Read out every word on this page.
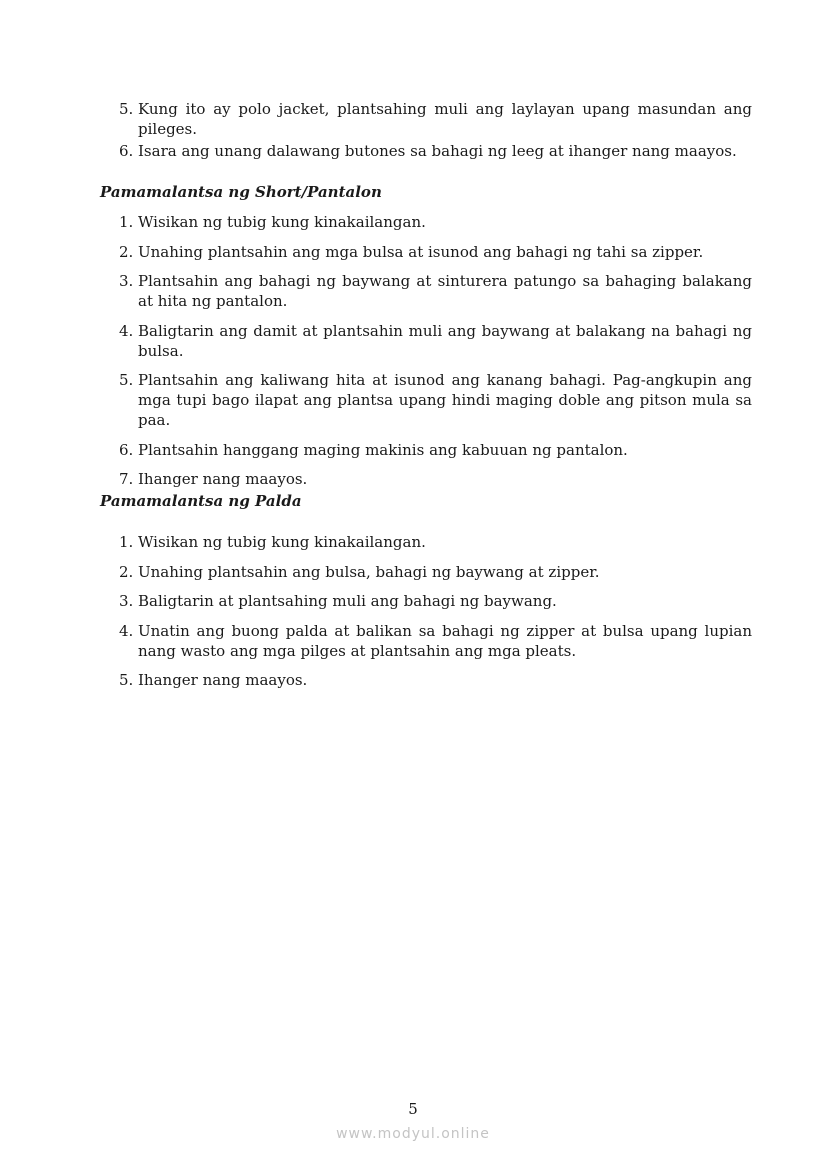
5. Kung ito ay polo jacket, plantsahing muli ang laylayan upang masundan ang pileges.
6. Isara ang unang dalawang butones sa bahagi ng leeg at ihanger nang maayos.
Pamamalantsa ng Short/Pantalon
1. Wisikan ng tubig kung kinakailangan.
2. Unahing plantsahin ang mga bulsa at isunod ang bahagi ng tahi sa zipper.
3. Plantsahin ang bahagi ng baywang at sinturera patungo sa bahaging balakang at hita ng pantalon.
4. Baligtarin ang damit at plantsahin muli ang baywang at balakang na bahagi ng bulsa.
5. Plantsahin ang kaliwang hita at isunod ang kanang bahagi. Pag-angkupin ang mga tupi bago ilapat ang plantsa upang hindi maging doble ang pitson mula sa paa.
6. Plantsahin hanggang maging makinis ang kabuuan ng pantalon.
7. Ihanger nang maayos.
Pamamalantsa ng Palda
1. Wisikan ng tubig kung kinakailangan.
2. Unahing plantsahin ang bulsa, bahagi ng baywang at zipper.
3. Baligtarin at plantsahing muli ang bahagi ng baywang.
4. Unatin ang buong palda at balikan sa bahagi ng zipper at bulsa upang lupian nang wasto ang mga pilges at plantsahin ang mga pleats.
5. Ihanger nang maayos.
5
www.modyul.online
